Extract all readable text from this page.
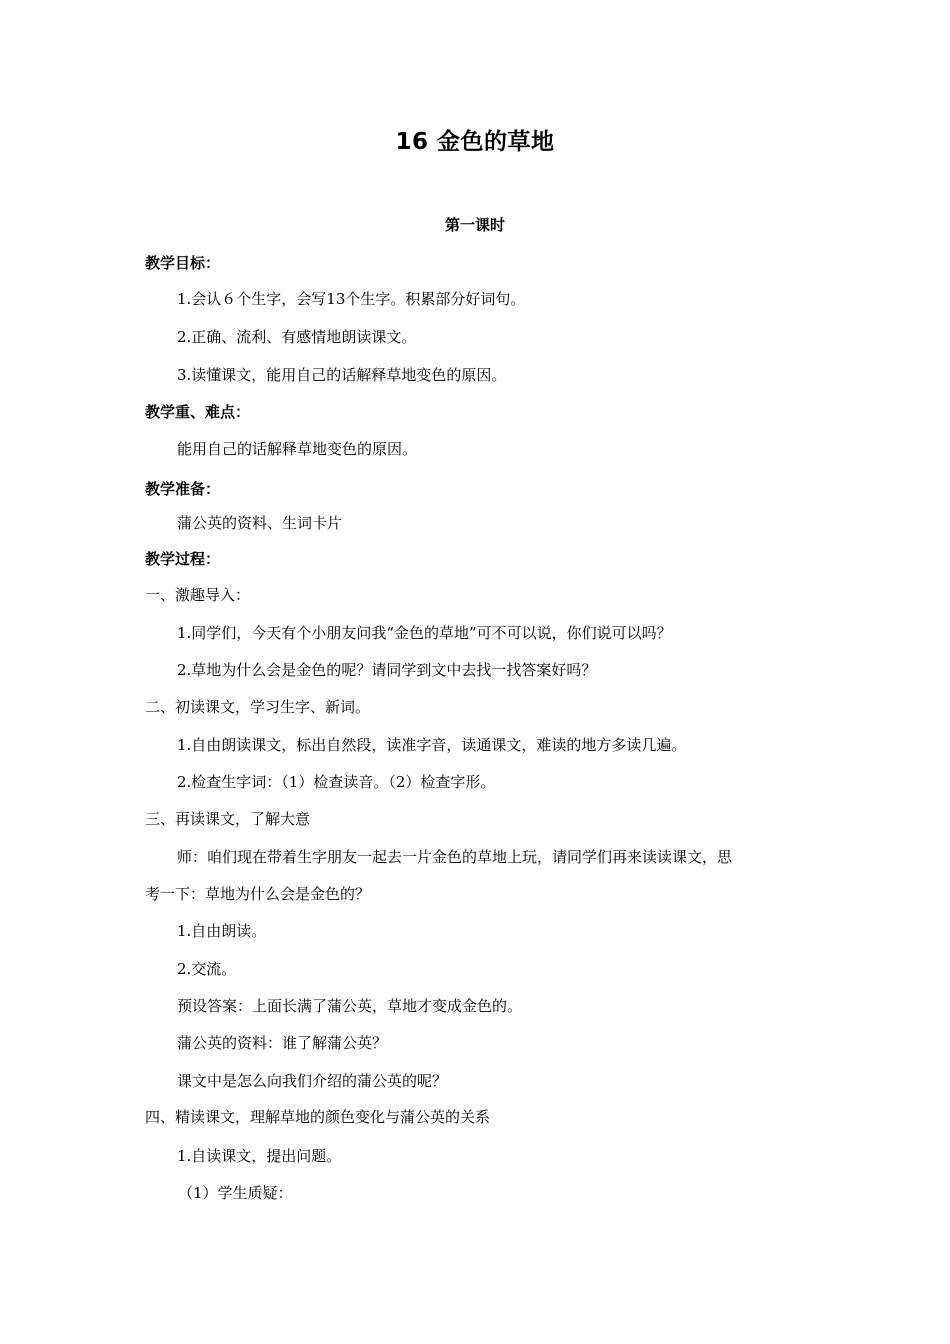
16 金色的草地
第一课时
教学目标：
1.会认６个生字，会写13个生字。积累部分好词句。
2.正确、流利、有感情地朗读课文。
3.读懂课文，能用自己的话解释草地变色的原因。
教学重、难点：
能用自己的话解释草地变色的原因。
教学准备：
蒲公英的资料、生词卡片
教学过程：
一、激趣导入：
1.同学们，今天有个小朋友问我“金色的草地”可不可以说，你们说可以吗？
2.草地为什么会是金色的呢？请同学到文中去找一找答案好吗？
二、初读课文，学习生字、新词。
1.自由朗读课文，标出自然段，读准字音，读通课文，难读的地方多读几遍。
2.检查生字词：（1）检查读音。（2）检查字形。
三、再读课文，了解大意
师：咱们现在带着生字朋友一起去一片金色的草地上玩，请同学们再来读读课文，思
考一下：草地为什么会是金色的？
1.自由朗读。
2.交流。
预设答案：上面长满了蒲公英，草地才变成金色的。
蒲公英的资料：谁了解蒲公英？
课文中是怎么向我们介绍的蒲公英的呢？
四、精读课文，理解草地的颜色变化与蒲公英的关系
1.自读课文，提出问题。
（1）学生质疑：
